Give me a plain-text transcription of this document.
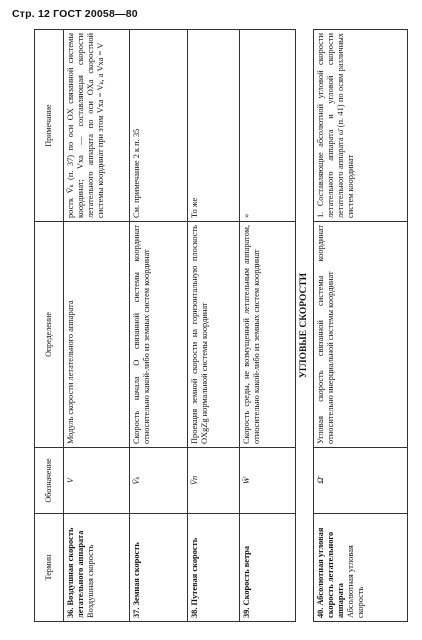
Стр. 12 ГОСТ 20058—80
Термин	Обозначение	Определение	Примечание
36. Воздушная скорость летательного аппарата Воздушная скорость	V	Модуль скорости летательного аппарата	ростк V̄ₖ (п. 37) по оси OX связанной системы координат; Vxa — составляющая скорости летательного аппарата по оси OXa скоростной системы координат при этом Vxa = Vₖ, а Vxa = V
37. Земная скорость	V̄ₖ	Скорость начала O связанной системы координат относительно какой-либо из земных систем координат	См. примечание 2 к п. 35
38. Путевая скорость	V̄п	Проекция земной скорости на горизонтальную плоскость OXgZg нормальной системы координат	То же
39. Скорость ветра	W̄	Скорость среды, не возмущенной летательным аппаратом, относительно какой-либо из земных систем координат	»
УГЛОВЫЕ СКОРОСТИ			
40. Абсолютная угловая скорость летательного аппарата Абсолютная угловая скорость	Ω̄	Угловая скорость связанной системы координат относительно инерциальной системы координат	1. Составляющие абсолютной угловой скорости летательного аппарата и угловой скорости летательного аппарата ω̄ (п. 41) по осям различных систем координат
